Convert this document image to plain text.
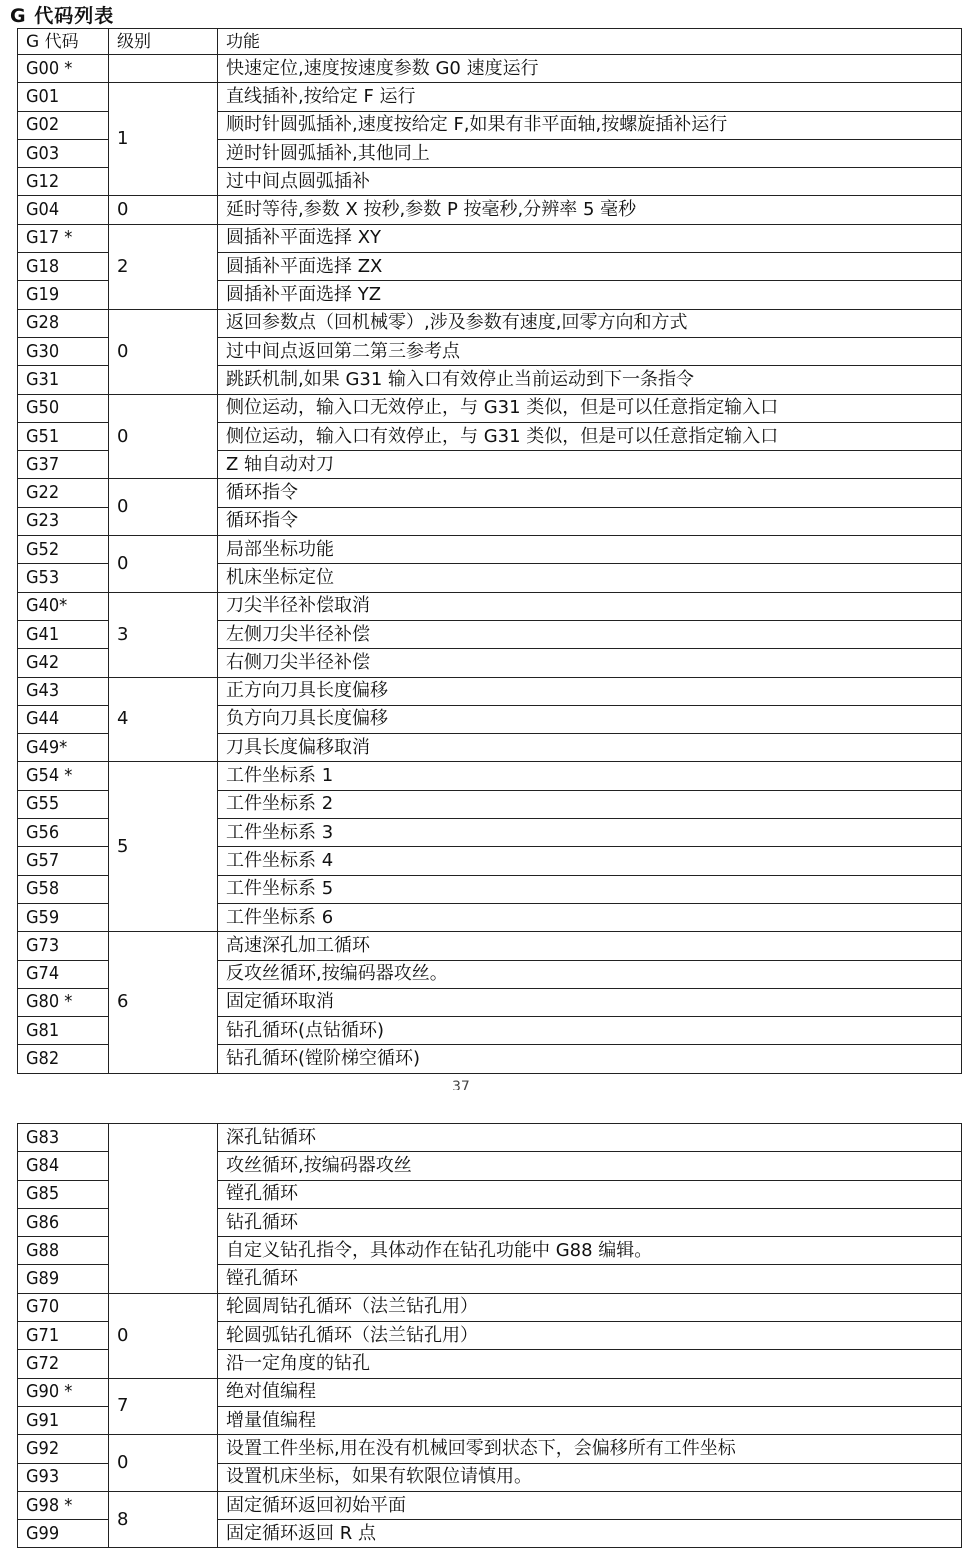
G 代码列表
G 代码	级别	功能
G00 *		快速定位,速度按速度参数 G0 速度运行
G01	1	直线插补,按给定 F 运行
G02		顺时针圆弧插补,速度按给定 F,如果有非平面轴,按螺旋插补运行
G03		逆时针圆弧插补,其他同上
G12		过中间点圆弧插补
G04	0	延时等待,参数 X 按秒,参数 P 按毫秒,分辨率 5 毫秒
G17 *	2	圆插补平面选择 XY
G18		圆插补平面选择 ZX
G19		圆插补平面选择 YZ
G28	0	返回参数点（回机械零）,涉及参数有速度,回零方向和方式
G30		过中间点返回第二第三参考点
G31		跳跃机制,如果 G31 输入口有效停止当前运动到下一条指令
G50	0	侧位运动，输入口无效停止，与 G31 类似，但是可以任意指定输入口
G51		侧位运动，输入口有效停止，与 G31 类似，但是可以任意指定输入口
G37		Z 轴自动对刀
G22	0	循环指令
G23		循环指令
G52	0	局部坐标功能
G53		机床坐标定位
G40*	3	刀尖半径补偿取消
G41		左侧刀尖半径补偿
G42		右侧刀尖半径补偿
G43	4	正方向刀具长度偏移
G44		负方向刀具长度偏移
G49*		刀具长度偏移取消
G54 *	5	工件坐标系 1
G55		工件坐标系 2
G56		工件坐标系 3
G57		工件坐标系 4
G58		工件坐标系 5
G59		工件坐标系 6
G73	6	高速深孔加工循环
G74		反攻丝循环,按编码器攻丝。
G80 *		固定循环取消
G81		钻孔循环(点钻循环)
G82		钻孔循环(镗阶梯空循环)
37
G83		深孔钻循环
G84		攻丝循环,按编码器攻丝
G85		镗孔循环
G86		钻孔循环
G88		自定义钻孔指令，具体动作在钻孔功能中 G88 编辑。
G89		镗孔循环
G70	0	轮圆周钻孔循环（法兰钻孔用）
G71		轮圆弧钻孔循环（法兰钻孔用）
G72		沿一定角度的钻孔
G90 *	7	绝对值编程
G91		增量值编程
G92	0	设置工件坐标,用在没有机械回零到状态下，会偏移所有工件坐标
G93		设置机床坐标，如果有软限位请慎用。
G98 *	8	固定循环返回初始平面
G99		固定循环返回 R 点
